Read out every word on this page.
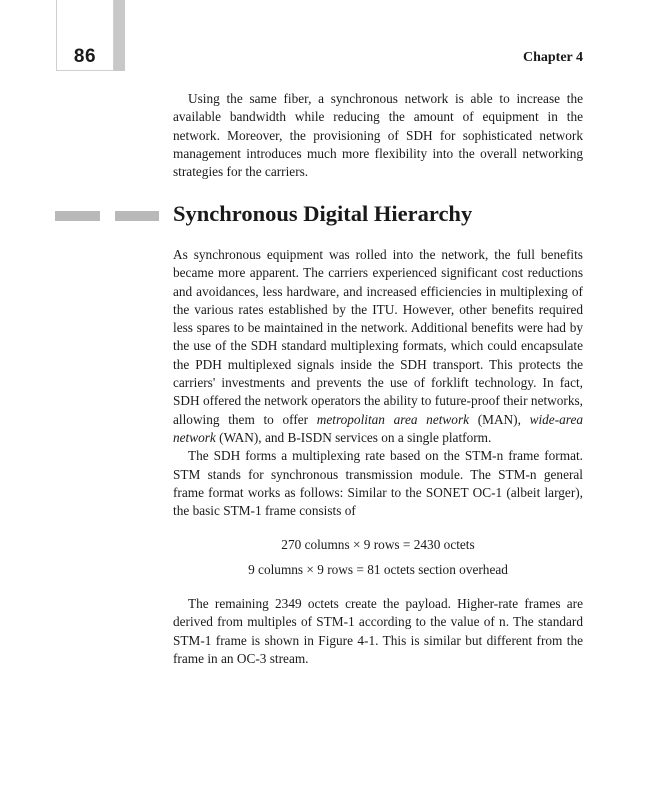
86	Chapter 4

Using the same fiber, a synchronous network is able to increase the available bandwidth while reducing the amount of equipment in the network. Moreover, the provisioning of SDH for sophisticated network management introduces much more flexibility into the overall networking strategies for the carriers.

Synchronous Digital Hierarchy

As synchronous equipment was rolled into the network, the full benefits became more apparent. The carriers experienced significant cost reductions and avoidances, less hardware, and increased efficiencies in multiplexing of the various rates established by the ITU. However, other benefits required less spares to be maintained in the network. Additional benefits were had by the use of the SDH standard multiplexing formats, which could encapsulate the PDH multiplexed signals inside the SDH transport. This protects the carriers' investments and prevents the use of forklift technology. In fact, SDH offered the network operators the ability to future-proof their networks, allowing them to offer metropolitan area network (MAN), wide-area network (WAN), and B-ISDN services on a single platform.

The SDH forms a multiplexing rate based on the STM-n frame format. STM stands for synchronous transmission module. The STM-n general frame format works as follows: Similar to the SONET OC-1 (albeit larger), the basic STM-1 frame consists of

270 columns × 9 rows = 2430 octets
9 columns × 9 rows = 81 octets section overhead

The remaining 2349 octets create the payload. Higher-rate frames are derived from multiples of STM-1 according to the value of n. The standard STM-1 frame is shown in Figure 4-1. This is similar but different from the frame in an OC-3 stream.
